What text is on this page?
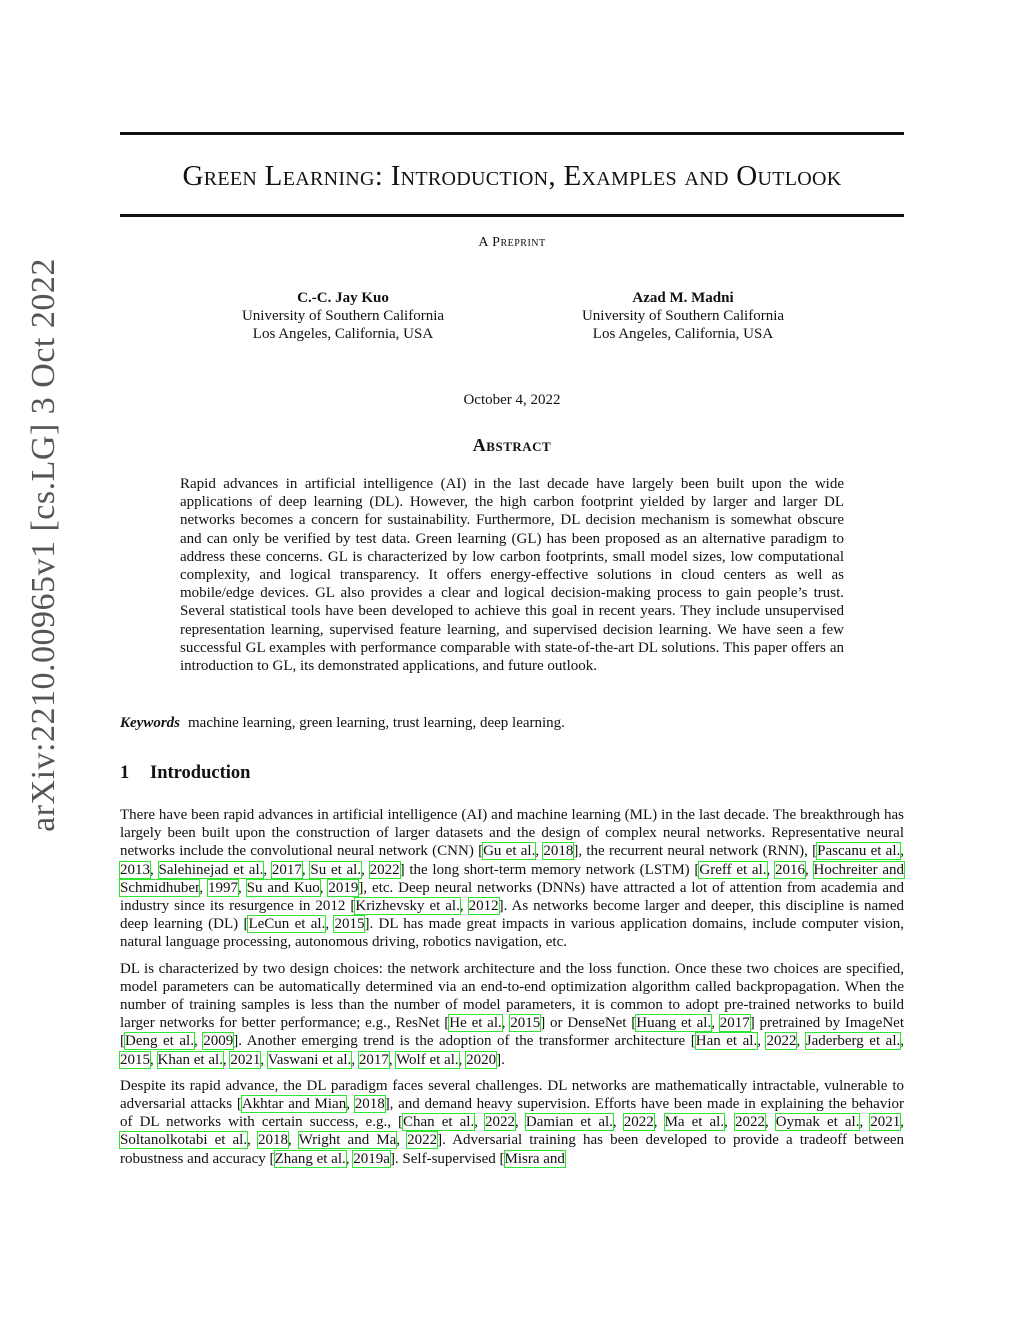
arXiv:2210.00965v1 [cs.LG] 3 Oct 2022
Green Learning: Introduction, Examples and Outlook
A Preprint
C.-C. Jay Kuo
University of Southern California
Los Angeles, California, USA
Azad M. Madni
University of Southern California
Los Angeles, California, USA
October 4, 2022
Abstract
Rapid advances in artificial intelligence (AI) in the last decade have largely been built upon the wide applications of deep learning (DL). However, the high carbon footprint yielded by larger and larger DL networks becomes a concern for sustainability. Furthermore, DL decision mechanism is somewhat obscure and can only be verified by test data. Green learning (GL) has been proposed as an alternative paradigm to address these concerns. GL is characterized by low carbon footprints, small model sizes, low computational complexity, and logical transparency. It offers energy-effective solutions in cloud centers as well as mobile/edge devices. GL also provides a clear and logical decision-making process to gain people’s trust. Several statistical tools have been developed to achieve this goal in recent years. They include unsupervised representation learning, supervised feature learning, and supervised decision learning. We have seen a few successful GL examples with performance comparable with state-of-the-art DL solutions. This paper offers an introduction to GL, its demonstrated applications, and future outlook.
Keywords machine learning, green learning, trust learning, deep learning.
1 Introduction

There have been rapid advances in artificial intelligence (AI) and machine learning (ML) in the last decade. The breakthrough has largely been built upon the construction of larger datasets and the design of complex neural networks. Representative neural networks include the convolutional neural network (CNN) [Gu et al., 2018], the recurrent neural network (RNN), [Pascanu et al., 2013, Salehinejad et al., 2017, Su et al., 2022] the long short-term memory network (LSTM) [Greff et al., 2016, Hochreiter and Schmidhuber, 1997, Su and Kuo, 2019], etc. Deep neural networks (DNNs) have attracted a lot of attention from academia and industry since its resurgence in 2012 [Krizhevsky et al., 2012]. As networks become larger and deeper, this discipline is named deep learning (DL) [LeCun et al., 2015]. DL has made great impacts in various application domains, include computer vision, natural language processing, autonomous driving, robotics navigation, etc.

DL is characterized by two design choices: the network architecture and the loss function. Once these two choices are specified, model parameters can be automatically determined via an end-to-end optimization algorithm called backpropagation. When the number of training samples is less than the number of model parameters, it is common to adopt pre-trained networks to build larger networks for better performance; e.g., ResNet [He et al., 2015] or DenseNet [Huang et al., 2017] pretrained by ImageNet [Deng et al., 2009]. Another emerging trend is the adoption of the transformer architecture [Han et al., 2022, Jaderberg et al., 2015, Khan et al., 2021, Vaswani et al., 2017, Wolf et al., 2020].

Despite its rapid advance, the DL paradigm faces several challenges. DL networks are mathematically intractable, vulnerable to adversarial attacks [Akhtar and Mian, 2018], and demand heavy supervision. Efforts have been made in explaining the behavior of DL networks with certain success, e.g., [Chan et al., 2022, Damian et al., 2022, Ma et al., 2022, Oymak et al., 2021, Soltanolkotabi et al., 2018, Wright and Ma, 2022]. Adversarial training has been developed to provide a tradeoff between robustness and accuracy [Zhang et al., 2019a]. Self-supervised [Misra and
